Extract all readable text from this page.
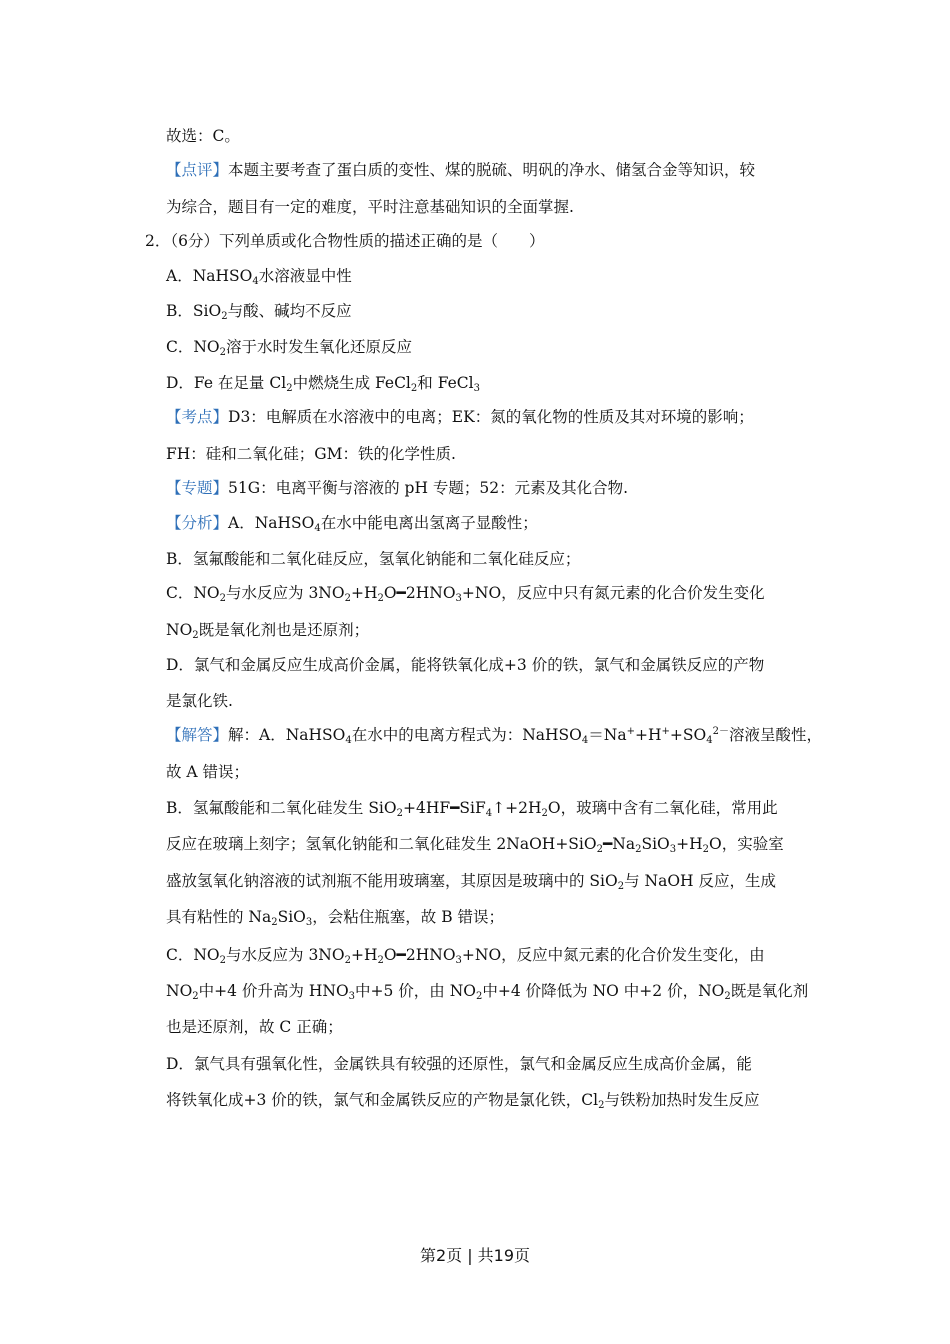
故选：C。
【点评】本题主要考查了蛋白质的变性、煤的脱硫、明矾的净水、储氢合金等知识，较
为综合，题目有一定的难度，平时注意基础知识的全面掌握.
2．（6分）下列单质或化合物性质的描述正确的是（　　）
A．NaHSO$_4$水溶液显中性
B．SiO$_2$与酸、碱均不反应
C．$NO_2$溶于水时发生氧化还原反应
D．Fe 在足量 $Cl_2$中燃烧生成 FeCl$_2$和 FeCl$_3$
【考点】D3：电解质在水溶液中的电离；EK：氮的氧化物的性质及其对环境的影响；
FH：硅和二氧化硅；GM：铁的化学性质.
【专题】51G：电离平衡与溶液的 pH 专题；52：元素及其化合物.
【分析】A．NaHSO$_4$在水中能电离出氢离子显酸性；
B．氢氟酸能和二氧化硅反应，氢氧化钠能和二氧化硅反应；
C．$NO_2$与水反应为 $3NO_2+H_2O━2HNO_3+NO$，反应中只有氮元素的化合价发生变化
$NO_2$既是氧化剂也是还原剂；
D．氯气和金属反应生成高价金属，能将铁氧化成+3 价的铁，氯气和金属铁反应的产物
是氯化铁.
【解答】解：A．NaHSO$_4$在水中的电离方程式为：$NaHSO_4=Na^++H^++SO_4^{2-}$溶液呈酸性，
故 A 错误；
B．氢氟酸能和二氧化硅发生 $SiO_2+4HF━SiF_4↑+2H_2O$，玻璃中含有二氧化硅，常用此
反应在玻璃上刻字；氢氧化钠能和二氧化硅发生 $2NaOH+SiO_2━Na_2SiO_3+H_2O$，实验室
盛放氢氧化钠溶液的试剂瓶不能用玻璃塞，其原因是玻璃中的 SiO$_2$与 NaOH 反应，生成
具有粘性的 $Na_2SiO_3$，会粘住瓶塞，故 B 错误；
C．$NO_2$与水反应为 $3NO_2+H_2O━2HNO_3+NO$，反应中氮元素的化合价发生变化，由
$NO_2$中+4 价升高为 $HNO_3$中+5 价，由 $NO_2$中+4 价降低为 NO 中+2 价，$NO_2$既是氧化剂
也是还原剂，故 C 正确；
D．氯气具有强氧化性，金属铁具有较强的还原性，氯气和金属反应生成高价金属，能
将铁氧化成+3 价的铁，氯气和金属铁反应的产物是氯化铁，$Cl_2$与铁粉加热时发生反应
第2页 | 共19页
